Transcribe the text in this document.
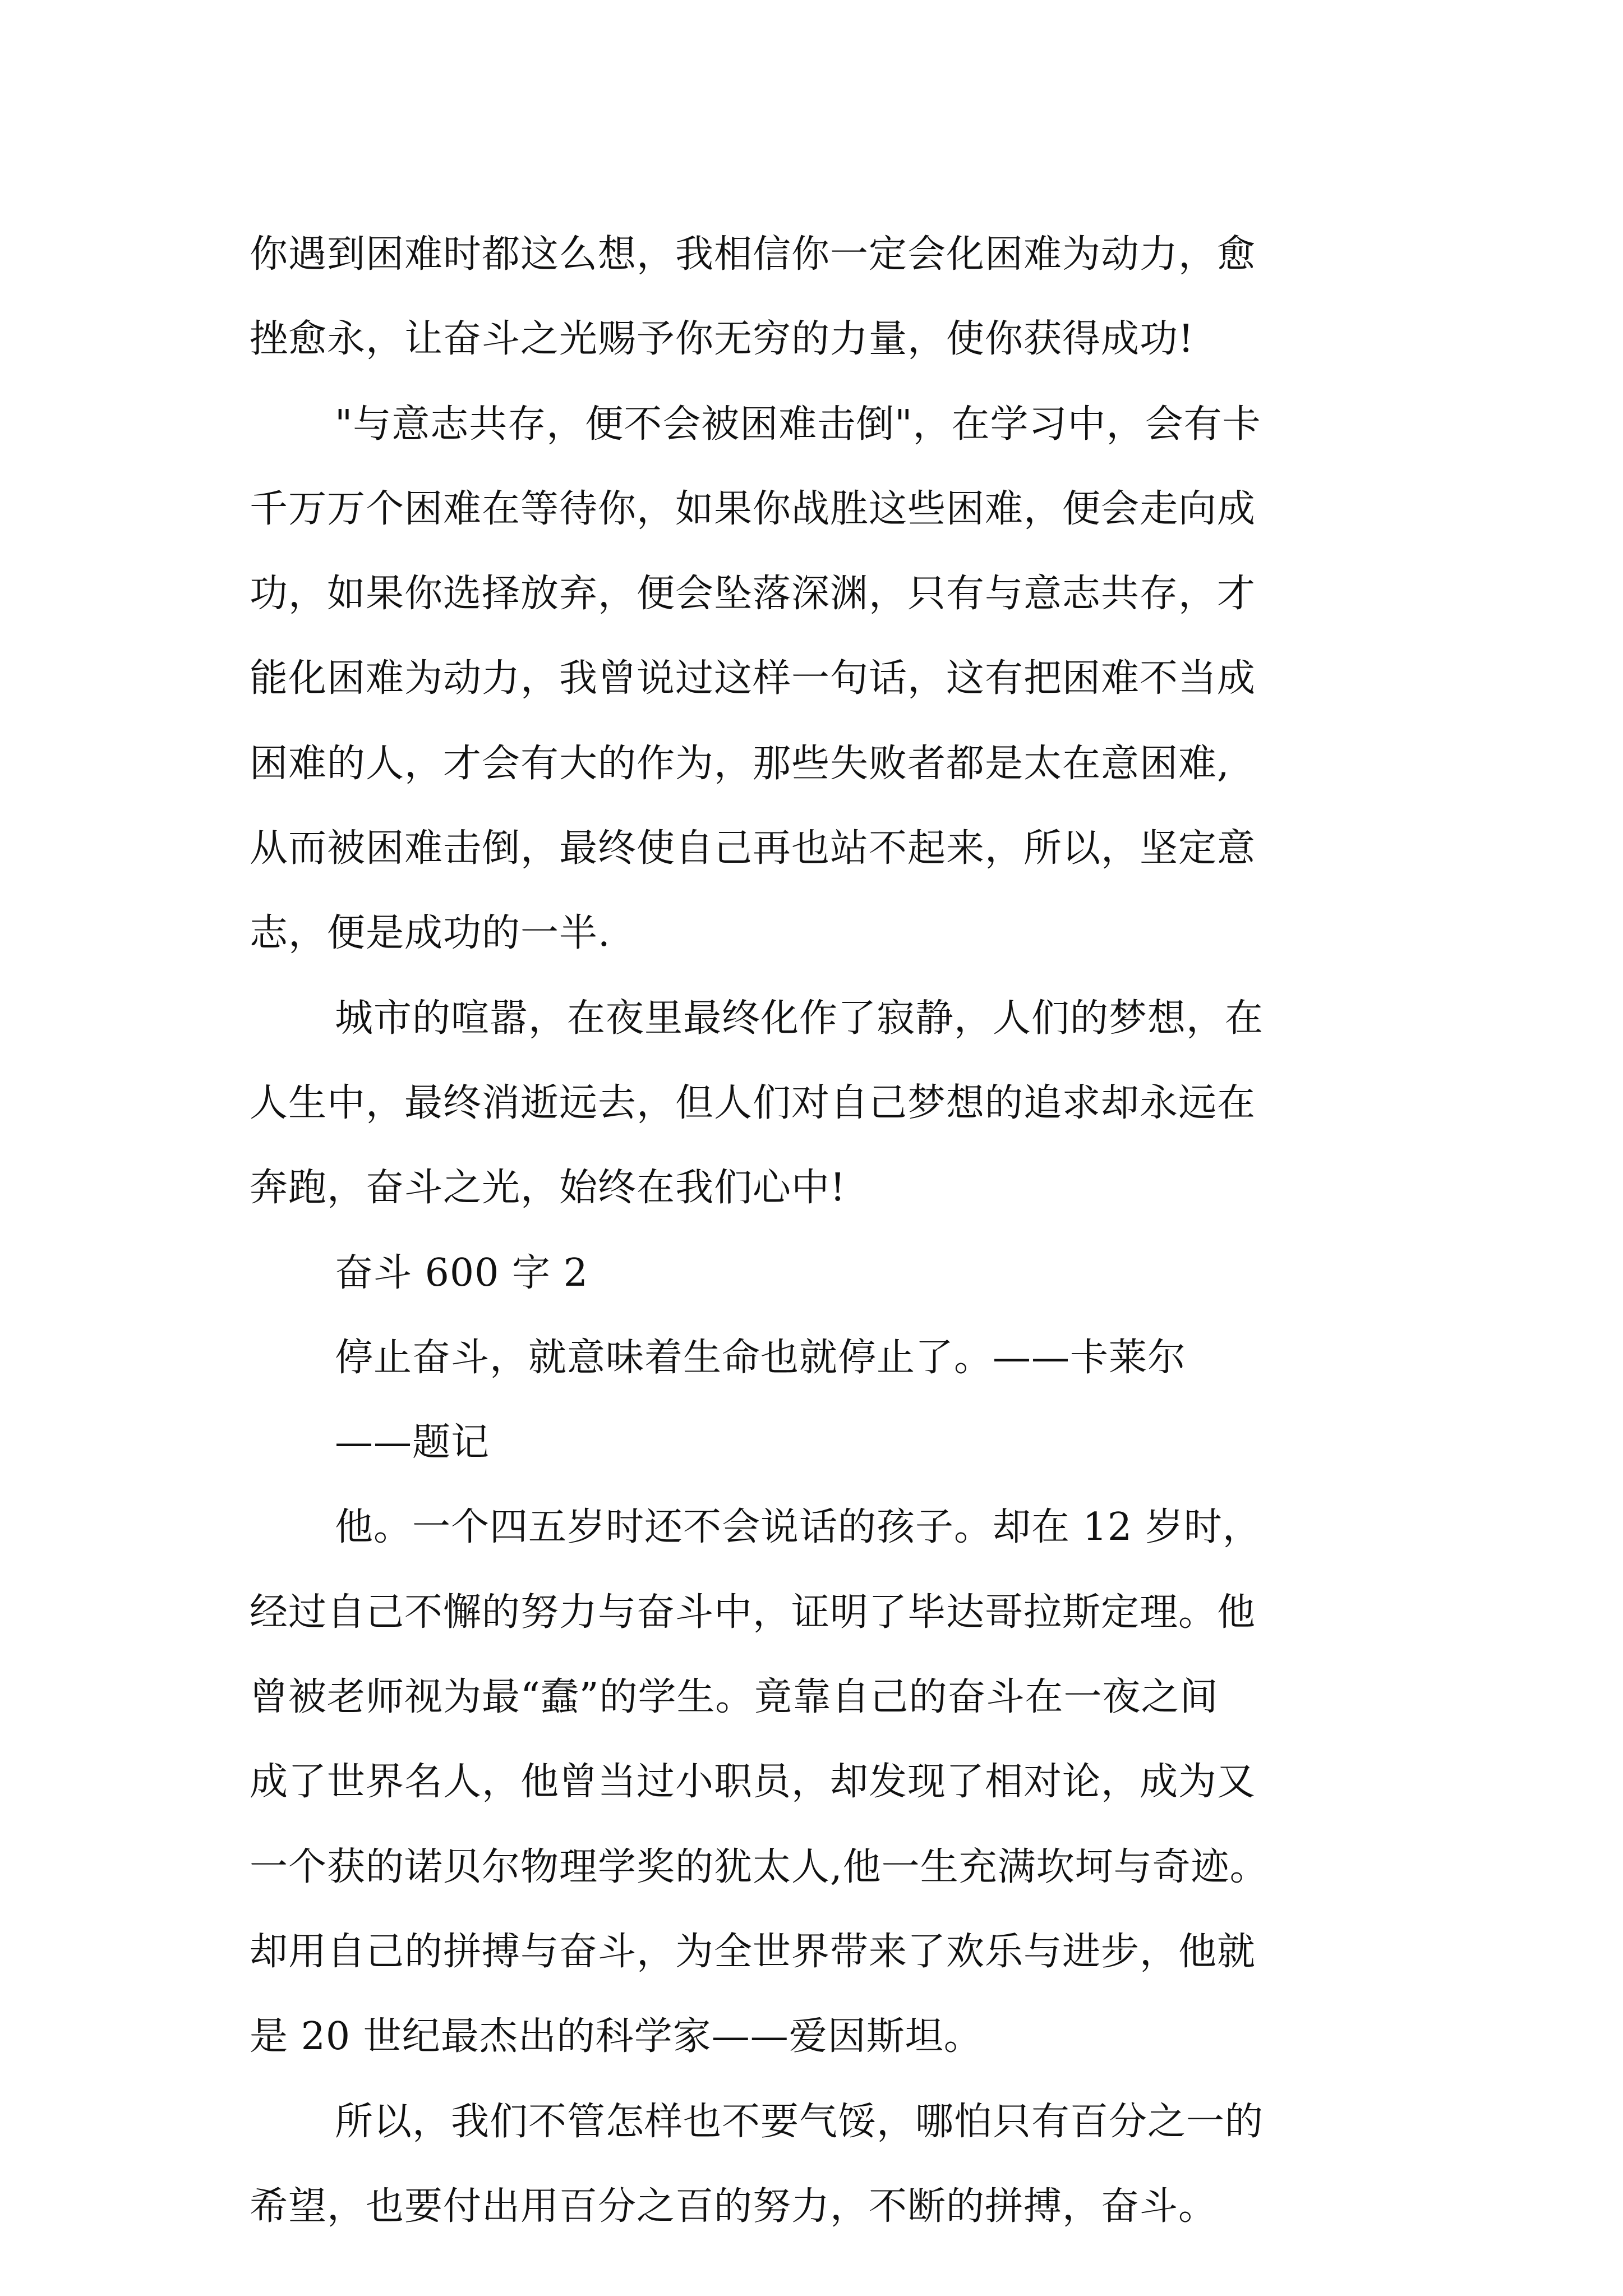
你遇到困难时都这么想，我相信你一定会化困难为动力，愈
挫愈永，让奋斗之光赐予你无穷的力量，使你获得成功!
"与意志共存，便不会被困难击倒"，在学习中，会有卡
千万万个困难在等待你，如果你战胜这些困难，便会走向成
功，如果你选择放弃，便会坠落深渊，只有与意志共存，才
能化困难为动力，我曾说过这样一句话，这有把困难不当成
困难的人，才会有大的作为，那些失败者都是太在意困难,
从而被困难击倒，最终使自己再也站不起来，所以，坚定意
志，便是成功的一半.
城市的喧嚣，在夜里最终化作了寂静，人们的梦想，在
人生中，最终消逝远去，但人们对自己梦想的追求却永远在
奔跑，奋斗之光，始终在我们心中!
奋斗 600 字 2
停止奋斗，就意味着生命也就停止了。——卡莱尔
——题记
他。一个四五岁时还不会说话的孩子。却在 12 岁时，
经过自己不懈的努力与奋斗中，证明了毕达哥拉斯定理。他
曾被老师视为最“蠢”的学生。竟靠自己的奋斗在一夜之间
成了世界名人，他曾当过小职员，却发现了相对论，成为又
一个获的诺贝尔物理学奖的犹太人,他一生充满坎坷与奇迹。
却用自己的拼搏与奋斗，为全世界带来了欢乐与进步，他就
是 20 世纪最杰出的科学家——爱因斯坦。
所以，我们不管怎样也不要气馁，哪怕只有百分之一的
希望，也要付出用百分之百的努力，不断的拼搏，奋斗。
